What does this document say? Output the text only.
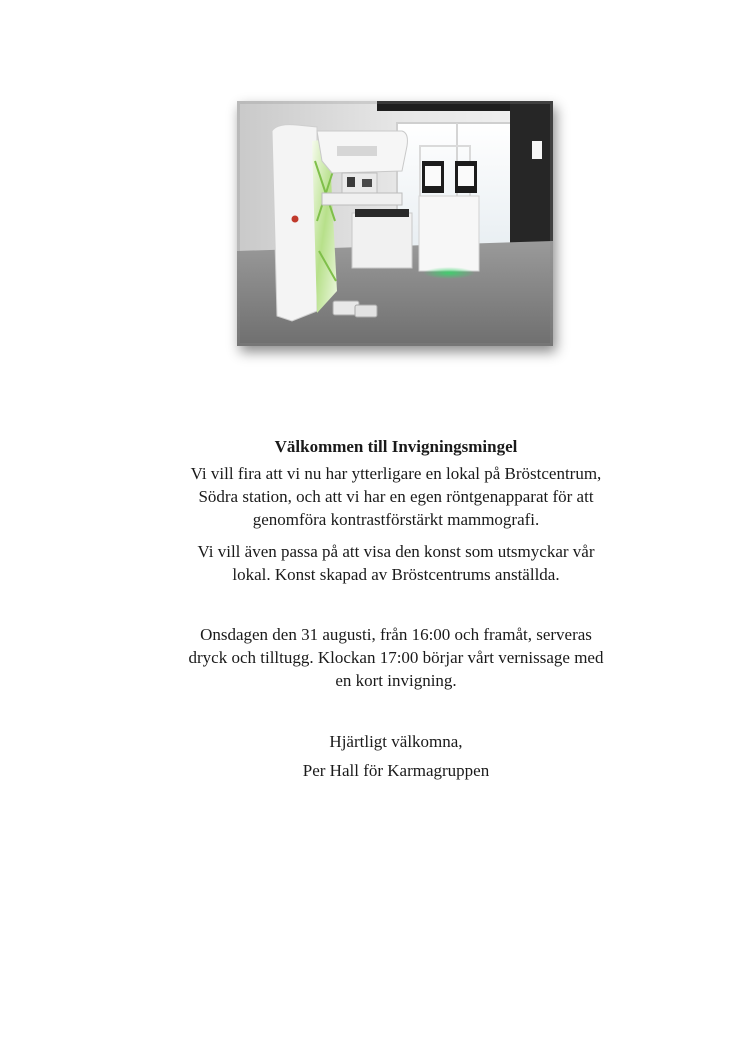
Välkommen till Invigningsmingel
Vi vill fira att vi nu har ytterligare en lokal på Bröstcentrum,
Södra station, och att vi har en egen röntgenapparat för att
genomföra kontrastförstärkt mammografi.
Vi vill även passa på att visa den konst som utsmyckar vår
lokal. Konst skapad av Bröstcentrums anställda.
Onsdagen den 31 augusti, från 16:00 och framåt, serveras
dryck och tilltugg. Klockan 17:00 börjar vårt vernissage med
en kort invigning.
Hjärtligt välkomna,
Per Hall för Karmagruppen
